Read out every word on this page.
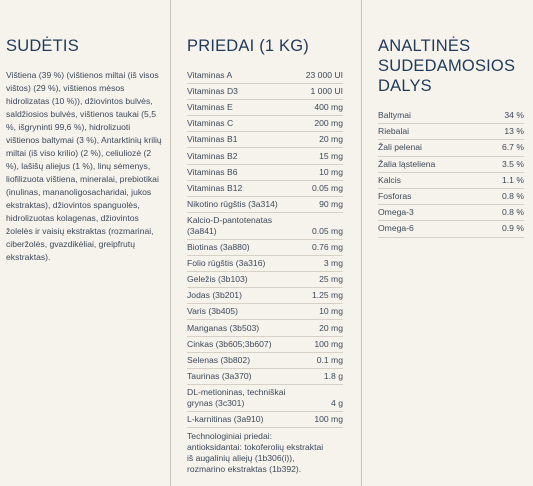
SUDĖTIS

Vištiena (39 %) (vištienos miltai (iš visos vištos) (29 %), vištienos mėsos hidrolizatas (10 %)), džiovintos bulvės, saldžiosios bulvės, vištienos taukai (5,5 %, išgryninti 99,6 %), hidrolizuoti vištienos baltymai (3 %), Antarktinių krilių miltai (iš viso krilio) (2 %), celiuliozė (2 %), lašišų aliejus (1 %), linų sėmenys, liofilizuota vištiena, mineralai, prebiotikai (inulinas, mananoligosacharidai, jukos ekstraktas), džiovintos spanguolės, hidrolizuotas kolagenas, džiovintos žolelės ir vaisių ekstraktas (rozmarinai, ciberžolės, gvazdikėliai, greipfrutų ekstraktas).

PRIEDAI (1 KG)
Vitaminas A	23 000 UI
Vitaminas D3	1 000 UI
Vitaminas E	400 mg
Vitaminas C	200 mg
Vitaminas B1	20 mg
Vitaminas B2	15 mg
Vitaminas B6	10 mg
Vitaminas B12	0.05 mg
Nikotino rūgštis (3a314)	90 mg
Kalcio-D-pantotenatas (3a841)	0.05 mg
Biotinas (3a880)	0.76 mg
Folio rūgštis (3a316)	3 mg
Geležis (3b103)	25 mg
Jodas (3b201)	1.25 mg
Varis (3b405)	10 mg
Manganas (3b503)	20 mg
Cinkas (3b605;3b607)	100 mg
Selenas (3b802)	0.1 mg
Taurinas (3a370)	1.8 g
DL-metioninas, techniškai grynas (3c301)	4 g
L-karnitinas (3a910)	100 mg

Technologiniai priedai: antioksidantai: tokoferolių ekstraktai iš augalinių aliejų (1b306(i)), rozmarino ekstraktas (1b392).

ANALTINĖS SUDEDAMOSIOS DALYS
Baltymai	34 %
Riebalai	13 %
Žali pelenai	6.7 %
Žalia ląsteliena	3.5 %
Kalcis	1.1 %
Fosforas	0.8 %
Omega-3	0.8 %
Omega-6	0.9 %
